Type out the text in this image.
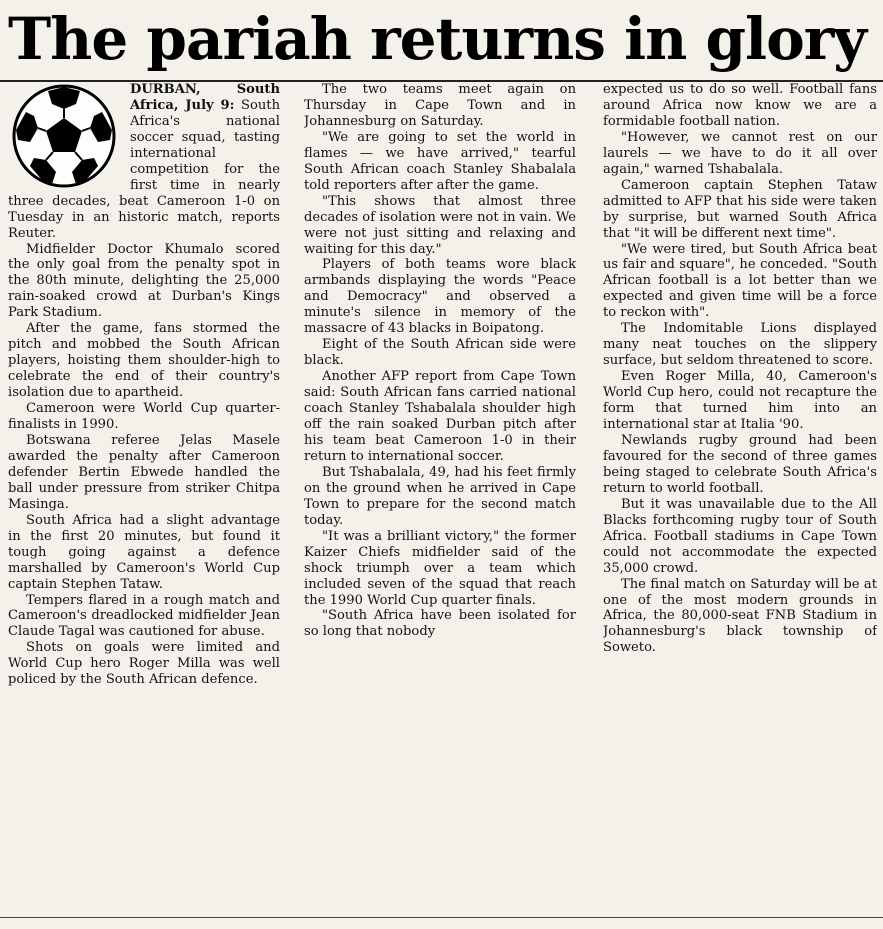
The pariah returns in glory

DURBAN, South Africa, July 9: South Africa's national soccer squad, tasting international competition for the first time in nearly three decades, beat Cameroon 1-0 on Tuesday in an historic match, reports Reuter.

Midfielder Doctor Khumalo scored the only goal from the penalty spot in the 80th minute, delighting the 25,000 rain-soaked crowd at Durban's Kings Park Stadium.

After the game, fans stormed the pitch and mobbed the South African players, hoisting them shoulder-high to celebrate the end of their country's isolation due to apartheid.

Cameroon were World Cup quarter-finalists in 1990.

Botswana referee Jelas Masele awarded the penalty after Cameroon defender Bertin Ebwede handled the ball under pressure from striker Chitpa Masinga.

South Africa had a slight advantage in the first 20 minutes, but found it tough going against a defence marshalled by Cameroon's World Cup captain Stephen Tataw.

Tempers flared in a rough match and Cameroon's dreadlocked midfielder Jean Claude Tagal was cautioned for abuse.

Shots on goals were limited and World Cup hero Roger Milla was well policed by the South African defence.

The two teams meet again on Thursday in Cape Town and in Johannesburg on Saturday.

"We are going to set the world in flames — we have arrived," tearful South African coach Stanley Shabalala told reporters after after the game.

"This shows that almost three decades of isolation were not in vain. We were not just sitting and relaxing and waiting for this day."

Players of both teams wore black armbands displaying the words "Peace and Democracy" and observed a minute's silence in memory of the massacre of 43 blacks in Boipatong.

Eight of the South African side were black.

Another AFP report from Cape Town said: South African fans carried national coach Stanley Tshabalala shoulder high off the rain soaked Durban pitch after his team beat Cameroon 1-0 in their return to international soccer.

But Tshabalala, 49, had his feet firmly on the ground when he arrived in Cape Town to prepare for the second match today.

"It was a brilliant victory," the former Kaizer Chiefs midfielder said of the shock triumph over a team which included seven of the squad that reach the 1990 World Cup quarter finals.

"South Africa have been isolated for so long that nobody

expected us to do so well. Football fans around Africa now know we are a formidable football nation.

"However, we cannot rest on our laurels — we have to do it all over again," warned Tshabalala.

Cameroon captain Stephen Tataw admitted to AFP that his side were taken by surprise, but warned South Africa that "it will be different next time".

"We were tired, but South Africa beat us fair and square", he conceded. "South African football is a lot better than we expected and given time will be a force to reckon with".

The Indomitable Lions displayed many neat touches on the slippery surface, but seldom threatened to score.

Even Roger Milla, 40, Cameroon's World Cup hero, could not recapture the form that turned him into an international star at Italia '90.

Newlands rugby ground had been favoured for the second of three games being staged to celebrate South Africa's return to world football.

But it was unavailable due to the All Blacks forthcoming rugby tour of South Africa. Football stadiums in Cape Town could not accommodate the expected 35,000 crowd.

The final match on Saturday will be at one of the most modern grounds in Africa, the 80,000-seat FNB Stadium in Johannesburg's black township of Soweto.
